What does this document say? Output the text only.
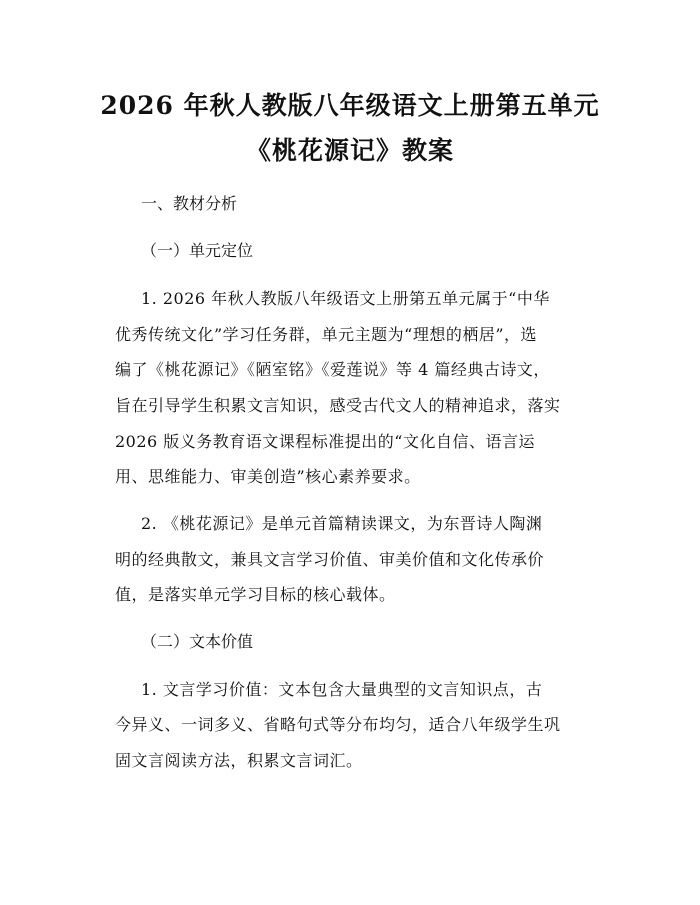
2026 年秋人教版八年级语文上册第五单元
《桃花源记》教案
一、教材分析
（一）单元定位
1. 2026 年秋人教版八年级语文上册第五单元属于“中华
优秀传统文化”学习任务群，单元主题为“理想的栖居”，选
编了《桃花源记》《陋室铭》《爱莲说》等 4 篇经典古诗文，
旨在引导学生积累文言知识，感受古代文人的精神追求，落实
2026 版义务教育语文课程标准提出的“文化自信、语言运
用、思维能力、审美创造”核心素养要求。
2. 《桃花源记》是单元首篇精读课文，为东晋诗人陶渊
明的经典散文，兼具文言学习价值、审美价值和文化传承价
值，是落实单元学习目标的核心载体。
（二）文本价值
1. 文言学习价值：文本包含大量典型的文言知识点，古
今异义、一词多义、省略句式等分布均匀，适合八年级学生巩
固文言阅读方法，积累文言词汇。
